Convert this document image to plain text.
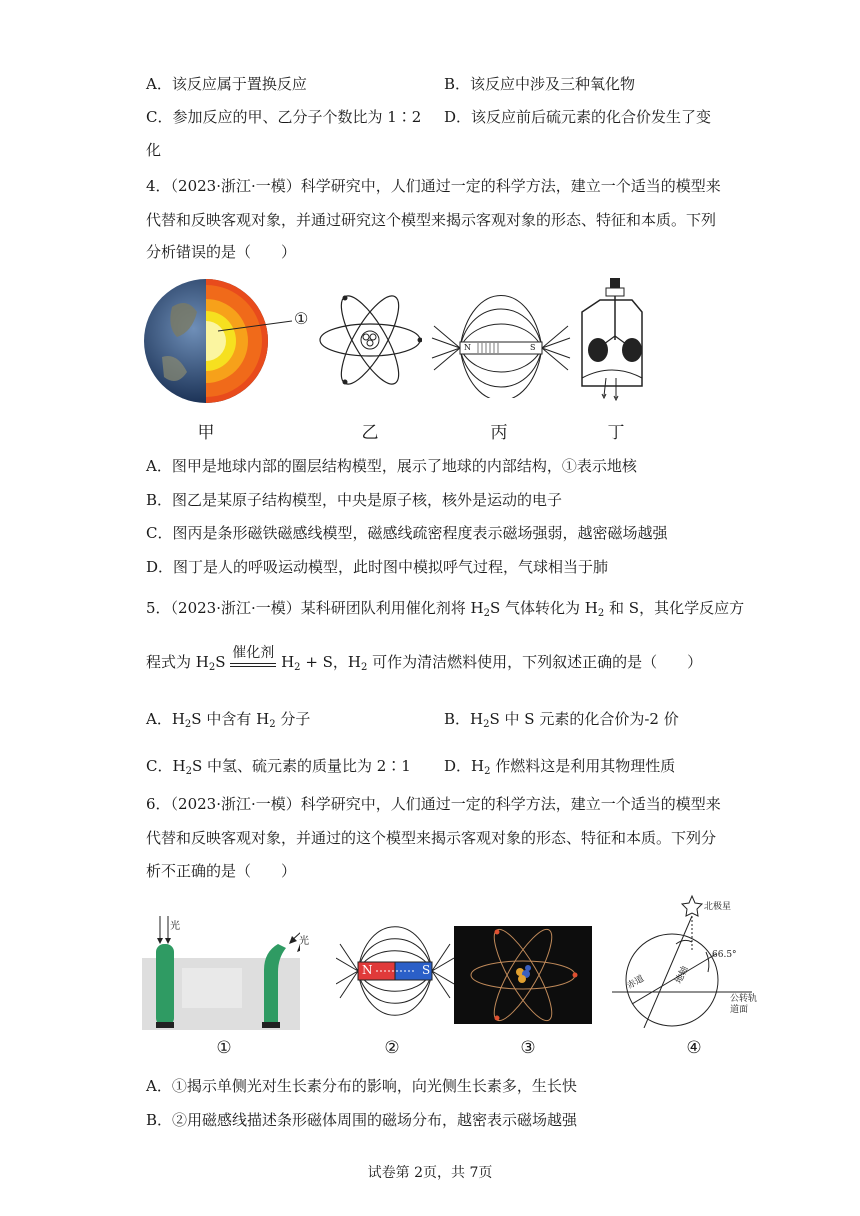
A．该反应属于置换反应	B．该反应中涉及三种氧化物
C．参加反应的甲、乙分子个数比为 1∶2 D．该反应前后硫元素的化合价发生了变
化
4．（2023·浙江·一模）科学研究中，人们通过一定的科学方法，建立一个适当的模型来
代替和反映客观对象，并通过研究这个模型来揭示客观对象的形态、特征和本质。下列
分析错误的是（　　）
①
N	S
甲	乙	丙	丁
A．图甲是地球内部的圈层结构模型，展示了地球的内部结构，①表示地核
B．图乙是某原子结构模型，中央是原子核，核外是运动的电子
C．图丙是条形磁铁磁感线模型，磁感线疏密程度表示磁场强弱，越密磁场越强
D．图丁是人的呼吸运动模型，此时图中模拟呼气过程，气球相当于肺
5．（2023·浙江·一模）某科研团队利用催化剂将 $H_2S$ 气体转化为 $H_2$ 和 S，其化学反应方
程式为 $H_2S$ 催化剂 $H_2 + S$，$H_2$ 可作为清洁燃料使用，下列叙述正确的是（　　）
A．$H_2S$ 中含有 $H_2$ 分子	B．$H_2S$ 中 S 元素的化合价为-2 价
C．$H_2S$ 中氢、硫元素的质量比为 2∶1 D．$H_2$ 作燃料这是利用其物理性质
6．（2023·浙江·一模）科学研究中，人们通过一定的科学方法，建立一个适当的模型来
代替和反映客观对象，并通过的这个模型来揭示客观对象的形态、特征和本质。下列分
析不正确的是（　　）
光
光
N	S
北极星
66.5°
赤道	地轴
公转轨道面
①	②	③	④
A．①揭示单侧光对生长素分布的影响，向光侧生长素多，生长快
B．②用磁感线描述条形磁体周围的磁场分布，越密表示磁场越强
试卷第 2页，共 7页
